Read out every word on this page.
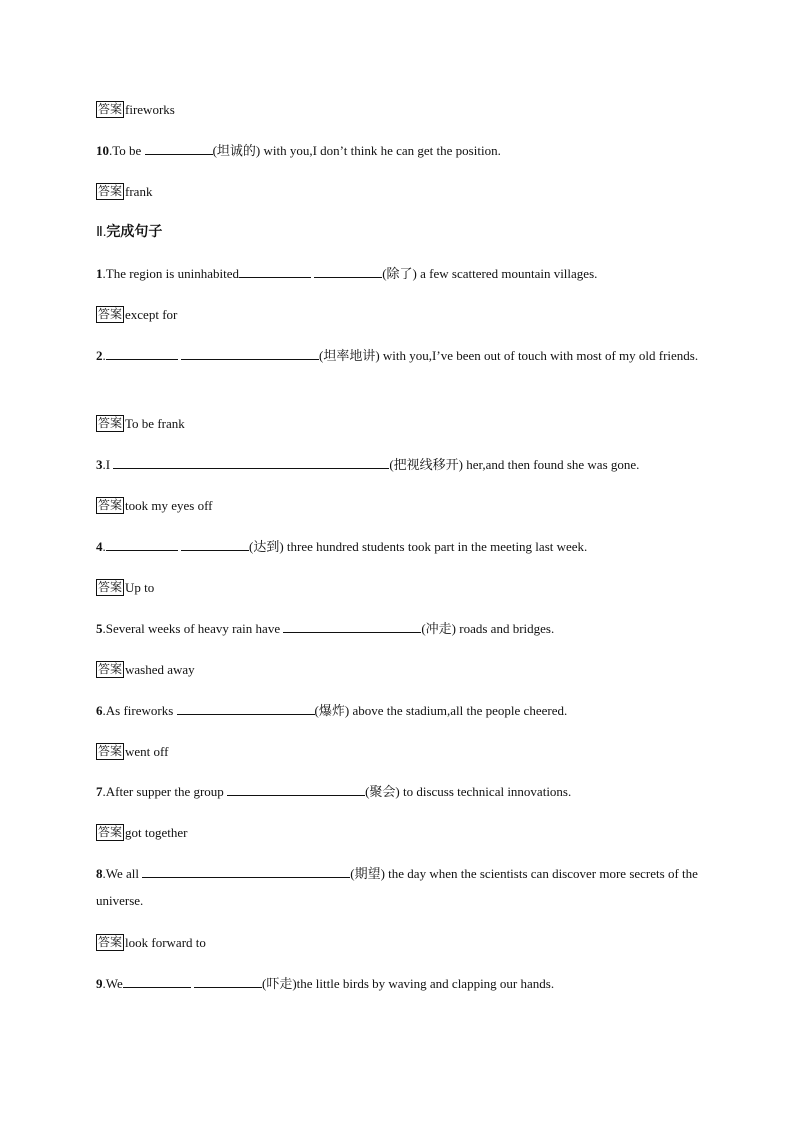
答案 fireworks
10.To be	(坦诚的) with you,I don’t think he can get the position.
答案 frank
Ⅱ.完成句子
1.The region is uninhabited	(除了) a few scattered mountain villages.
答案 except for
2.	(坦率地讲) with you,I’ve been out of touch with most of my old friends.
答案 To be frank
3.I	(把视线移开) her,and then found she was gone.
答案 took my eyes off
4.	(达到) three hundred students took part in the meeting last week.
答案 Up to
5.Several weeks of heavy rain have	(冲走) roads and bridges.
答案 washed away
6.As fireworks	(爆炸) above the stadium,all the people cheered.
答案 went off
7.After supper the group	(聚会) to discuss technical innovations.
答案 got together
8.We all	(期望) the day when the scientists can discover more secrets of the universe.
答案 look forward to
9.We	(吓走)the little birds by waving and clapping our hands.
